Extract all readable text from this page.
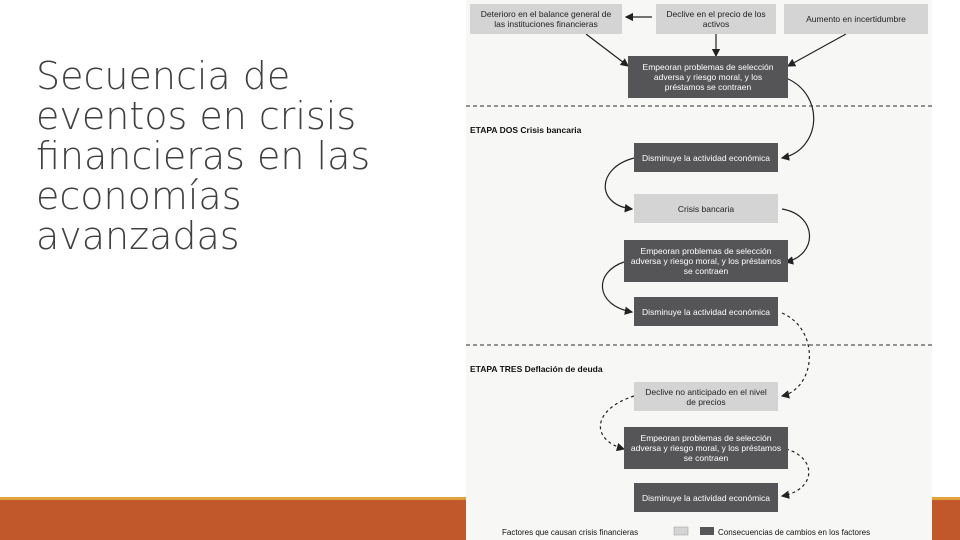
Secuencia de
eventos en crisis
financieras en las
economías
avanzadas
Deterioro en el balance general de las instituciones financieras
Declive en el precio de los activos	Aumento en incertidumbre
Empeoran problemas de selección adversa y riesgo moral, y los préstamos se contraen
ETAPA DOS Crisis bancaria
Disminuye la actividad económica
Crisis bancaria
Empeoran problemas de selección adversa y riesgo moral, y los préstamos se contraen
Disminuye la actividad económica
ETAPA TRES Deflación de deuda
Declive no anticipado en el nivel de precios
Empeoran problemas de selección adversa y riesgo moral, y los préstamos se contraen
Disminuye la actividad económica
Factores que causan crisis financieras	Consecuencias de cambios en los factores
